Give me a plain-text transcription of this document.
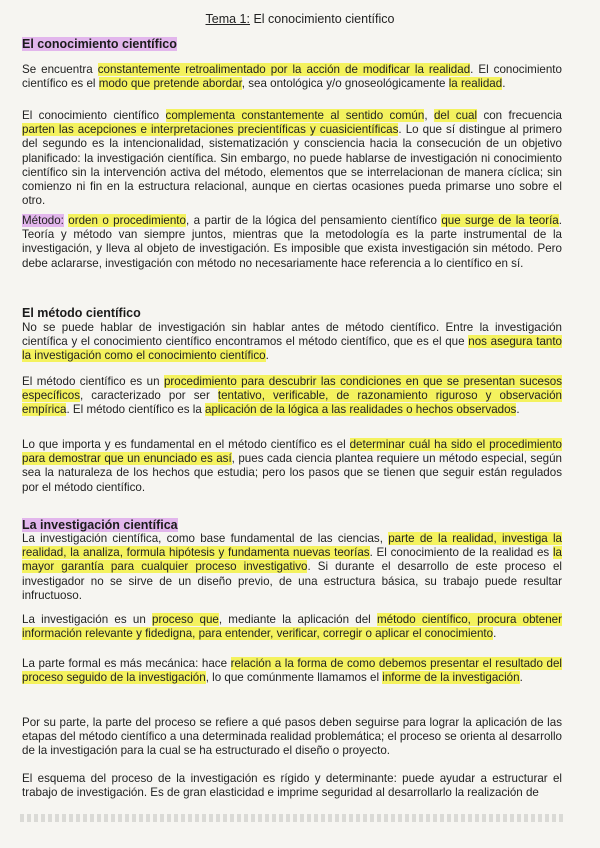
Tema 1: El conocimiento científico
El conocimiento científico
Se encuentra constantemente retroalimentado por la acción de modificar la realidad. El conocimiento científico es el modo que pretende abordar, sea ontológica y/o gnoseológicamente la realidad.
El conocimiento científico complementa constantemente al sentido común, del cual con frecuencia parten las acepciones e interpretaciones precientíficas y cuasicientíficas. Lo que sí distingue al primero del segundo es la intencionalidad, sistematización y consciencia hacia la consecución de un objetivo planificado: la investigación científica. Sin embargo, no puede hablarse de investigación ni conocimiento científico sin la intervención activa del método, elementos que se interrelacionan de manera cíclica; sin comienzo ni fin en la estructura relacional, aunque en ciertas ocasiones pueda primarse uno sobre el otro.
Método: orden o procedimiento, a partir de la lógica del pensamiento científico que surge de la teoría. Teoría y método van siempre juntos, mientras que la metodología es la parte instrumental de la investigación, y lleva al objeto de investigación. Es imposible que exista investigación sin método. Pero debe aclararse, investigación con método no necesariamente hace referencia a lo científico en sí.
El método científico
No se puede hablar de investigación sin hablar antes de método científico. Entre la investigación científica y el conocimiento científico encontramos el método científico, que es el que nos asegura tanto la investigación como el conocimiento científico.
El método científico es un procedimiento para descubrir las condiciones en que se presentan sucesos específicos, caracterizado por ser tentativo, verificable, de razonamiento riguroso y observación empírica. El método científico es la aplicación de la lógica a las realidades o hechos observados.
Lo que importa y es fundamental en el método científico es el determinar cuál ha sido el procedimiento para demostrar que un enunciado es así, pues cada ciencia plantea requiere un método especial, según sea la naturaleza de los hechos que estudia; pero los pasos que se tienen que seguir están regulados por el método científico.
La investigación científica
La investigación científica, como base fundamental de las ciencias, parte de la realidad, investiga la realidad, la analiza, formula hipótesis y fundamenta nuevas teorías. El conocimiento de la realidad es la mayor garantía para cualquier proceso investigativo. Si durante el desarrollo de este proceso el investigador no se sirve de un diseño previo, de una estructura básica, su trabajo puede resultar infructuoso.
La investigación es un proceso que, mediante la aplicación del método científico, procura obtener información relevante y fidedigna, para entender, verificar, corregir o aplicar el conocimiento.
La parte formal es más mecánica: hace relación a la forma de como debemos presentar el resultado del proceso seguido de la investigación, lo que comúnmente llamamos el informe de la investigación.
Por su parte, la parte del proceso se refiere a qué pasos deben seguirse para lograr la aplicación de las etapas del método científico a una determinada realidad problemática; el proceso se orienta al desarrollo de la investigación para la cual se ha estructurado el diseño o proyecto.
El esquema del proceso de la investigación es rígido y determinante: puede ayudar a estructurar el trabajo de investigación. Es de gran elasticidad e imprime seguridad al desarrollarlo la realización de
